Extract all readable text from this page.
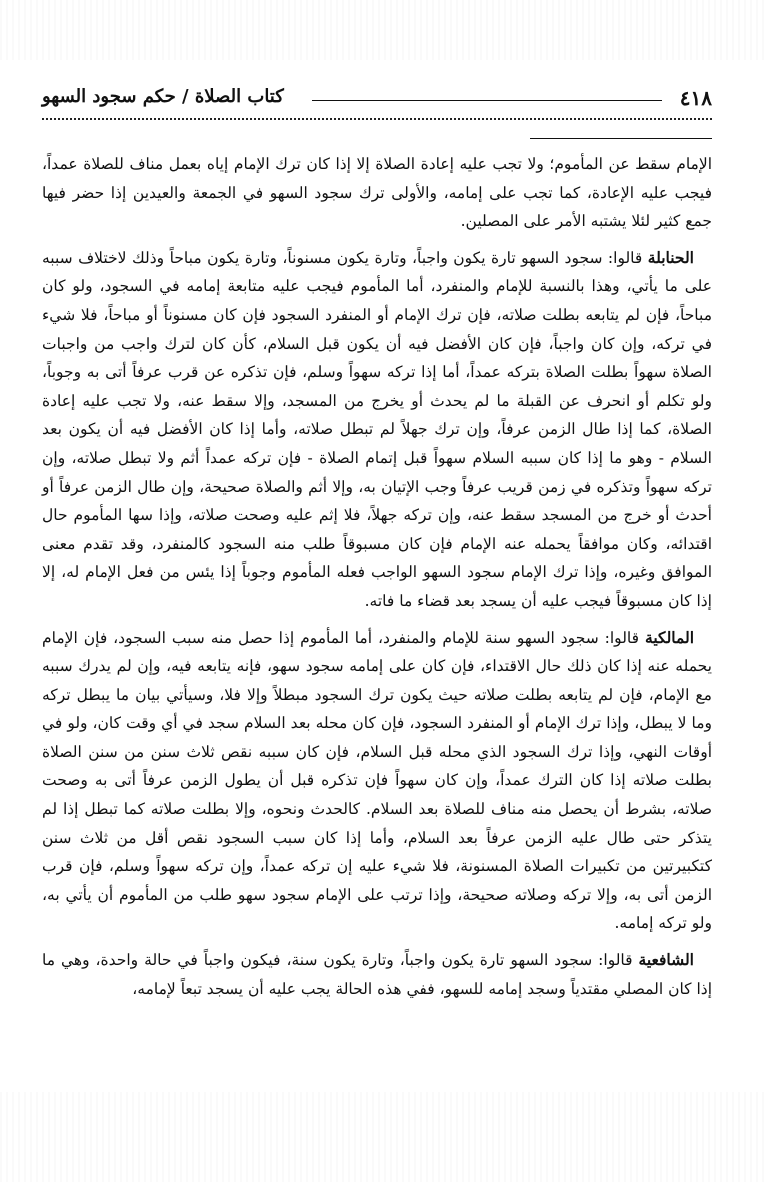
٤١٨
كتاب الصلاة / حكم سجود السهو

الإمام سقط عن المأموم؛ ولا تجب عليه إعادة الصلاة إلا إذا كان ترك الإمام إياه بعمل مناف للصلاة عمداً، فيجب عليه الإعادة، كما تجب على إمامه، والأولى ترك سجود السهو في الجمعة والعيدين إذا حضر فيها جمع كثير لئلا يشتبه الأمر على المصلين.

الحنابلة قالوا: سجود السهو تارة يكون واجباً، وتارة يكون مسنوناً، وتارة يكون مباحاً وذلك لاختلاف سببه على ما يأتي، وهذا بالنسبة للإمام والمنفرد، أما المأموم فيجب عليه متابعة إمامه في السجود، ولو كان مباحاً، فإن لم يتابعه بطلت صلاته، فإن ترك الإمام أو المنفرد السجود فإن كان مسنوناً أو مباحاً، فلا شيء في تركه، وإن كان واجباً، فإن كان الأفضل فيه أن يكون قبل السلام، كأن كان لترك واجب من واجبات الصلاة سهواً بطلت الصلاة بتركه عمداً، أما إذا تركه سهواً وسلم، فإن تذكره عن قرب عرفاً أتى به وجوباً، ولو تكلم أو انحرف عن القبلة ما لم يحدث أو يخرج من المسجد، وإلا سقط عنه، ولا تجب عليه إعادة الصلاة، كما إذا طال الزمن عرفاً، وإن ترك جهلاً لم تبطل صلاته، وأما إذا كان الأفضل فيه أن يكون بعد السلام - وهو ما إذا كان سببه السلام سهواً قبل إتمام الصلاة - فإن تركه عمداً أثم ولا تبطل صلاته، وإن تركه سهواً وتذكره في زمن قريب عرفاً وجب الإتيان به، وإلا أثم والصلاة صحيحة، وإن طال الزمن عرفاً أو أحدث أو خرج من المسجد سقط عنه، وإن تركه جهلاً، فلا إثم عليه وصحت صلاته، وإذا سها المأموم حال اقتدائه، وكان موافقاً يحمله عنه الإمام فإن كان مسبوقاً طلب منه السجود كالمنفرد، وقد تقدم معنى الموافق وغيره، وإذا ترك الإمام سجود السهو الواجب فعله المأموم وجوباً إذا يئس من فعل الإمام له، إلا إذا كان مسبوقاً فيجب عليه أن يسجد بعد قضاء ما فاته.

المالكية قالوا: سجود السهو سنة للإمام والمنفرد، أما المأموم إذا حصل منه سبب السجود، فإن الإمام يحمله عنه إذا كان ذلك حال الاقتداء، فإن كان على إمامه سجود سهو، فإنه يتابعه فيه، وإن لم يدرك سببه مع الإمام، فإن لم يتابعه بطلت صلاته حيث يكون ترك السجود مبطلاً وإلا فلا، وسيأتي بيان ما يبطل تركه وما لا يبطل، وإذا ترك الإمام أو المنفرد السجود، فإن كان محله بعد السلام سجد في أي وقت كان، ولو في أوقات النهي، وإذا ترك السجود الذي محله قبل السلام، فإن كان سببه نقص ثلاث سنن من سنن الصلاة بطلت صلاته إذا كان الترك عمداً، وإن كان سهواً فإن تذكره قبل أن يطول الزمن عرفاً أتى به وصحت صلاته، بشرط أن يحصل منه مناف للصلاة بعد السلام. كالحدث ونحوه، وإلا بطلت صلاته كما تبطل إذا لم يتذكر حتى طال عليه الزمن عرفاً بعد السلام، وأما إذا كان سبب السجود نقص أقل من ثلاث سنن كتكبيرتين من تكبيرات الصلاة المسنونة، فلا شيء عليه إن تركه عمداً، وإن تركه سهواً وسلم، فإن قرب الزمن أتى به، وإلا تركه وصلاته صحيحة، وإذا ترتب على الإمام سجود سهو طلب من المأموم أن يأتي به، ولو تركه إمامه.

الشافعية قالوا: سجود السهو تارة يكون واجباً، وتارة يكون سنة، فيكون واجباً في حالة واحدة، وهي ما إذا كان المصلي مقتدياً وسجد إمامه للسهو، ففي هذه الحالة يجب عليه أن يسجد تبعاً لإمامه،
